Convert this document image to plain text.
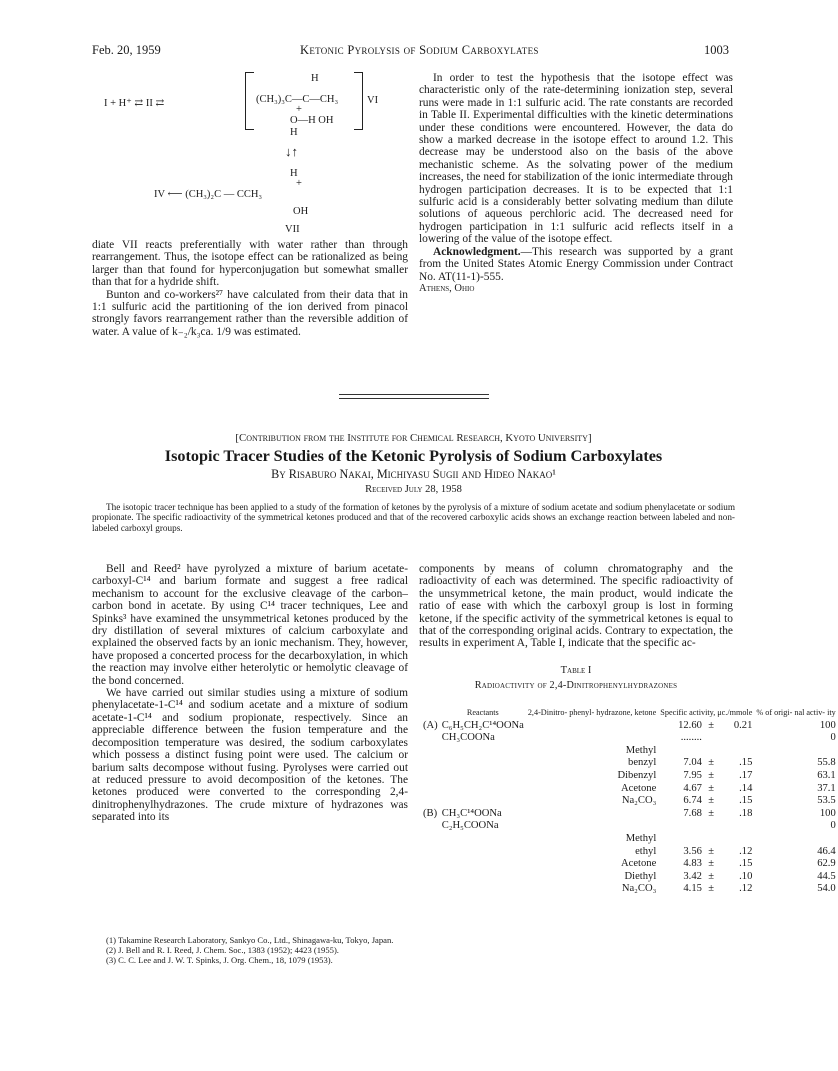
Feb. 20, 1959	Ketonic Pyrolysis of Sodium Carboxylates	1003
I + H⁺ ⇄ II ⇄
H
(CH₃)₃C—C—CH₃
+
O—H OH
H
VI
↓↑
H
+
IV ⟵ (CH₃)₂C — CCH₃
OH
VII

diate VII reacts preferentially with water rather than through rearrangement. Thus, the isotope effect can be rationalized as being larger than that found for hyperconjugation but somewhat smaller than that for a hydride shift.

Bunton and co-workers²⁷ have calculated from their data that in 1:1 sulfuric acid the partitioning of the ion derived from pinacol strongly favors rearrangement rather than the reversible addition of water. A value of k₋₂/k₃ca. 1/9 was estimated.

In order to test the hypothesis that the isotope effect was characteristic only of the rate-determining ionization step, several runs were made in 1:1 sulfuric acid. The rate constants are recorded in Table II. Experimental difficulties with the kinetic determinations under these conditions were encountered. However, the data do show a marked decrease in the isotope effect to around 1.2. This decrease may be understood also on the basis of the above mechanistic scheme. As the solvating power of the medium increases, the need for stabilization of the ionic intermediate through hydrogen participation decreases. It is to be expected that 1:1 sulfuric acid is a considerably better solvating medium than dilute solutions of aqueous perchloric acid. The decreased need for hydrogen participation in 1:1 sulfuric acid reflects itself in a lowering of the value of the isotope effect.

Acknowledgment.—This research was supported by a grant from the United States Atomic Energy Commission under Contract No. AT(11-1)-555.

Athens, Ohio

[Contribution from the Institute for Chemical Research, Kyoto University]
Isotopic Tracer Studies of the Ketonic Pyrolysis of Sodium Carboxylates
By Risaburo Nakai, Michiyasu Sugii and Hideo Nakao¹
Received July 28, 1958
The isotopic tracer technique has been applied to a study of the formation of ketones by the pyrolysis of a mixture of sodium acetate and sodium phenylacetate or sodium propionate. The specific radioactivity of the symmetrical ketones produced and that of the recovered carboxylic acids shows an exchange reaction between labeled and non-labeled carboxyl groups.

Bell and Reed² have pyrolyzed a mixture of barium acetate-carboxyl-C¹⁴ and barium formate and suggest a free radical mechanism to account for the exclusive cleavage of the carbon–carbon bond in acetate. By using C¹⁴ tracer techniques, Lee and Spinks³ have examined the unsymmetrical ketones produced by the dry distillation of several mixtures of calcium carboxylate and explained the observed facts by an ionic mechanism. They, however, have proposed a concerted process for the decarboxylation, in which the reaction may involve either heterolytic or hemolytic cleavage of the bond concerned.

We have carried out similar studies using a mixture of sodium phenylacetate-1-C¹⁴ and sodium acetate and a mixture of sodium acetate-1-C¹⁴ and sodium propionate, respectively. Since an appreciable difference between the fusion temperature and the decomposition temperature was desired, the sodium carboxylates which possess a distinct fusing point were used. The calcium or barium salts decompose without fusing. Pyrolyses were carried out at reduced pressure to avoid decomposition of the ketones. The ketones produced were converted to the corresponding 2,4-dinitrophenylhydrazones. The crude mixture of hydrazones was separated into its

(1) Takamine Research Laboratory, Sankyo Co., Ltd., Shinagawa-ku, Tokyo, Japan.

(2) J. Bell and R. I. Reed, J. Chem. Soc., 1383 (1952); 4423 (1955).

(3) C. C. Lee and J. W. T. Spinks, J. Org. Chem., 18, 1079 (1953).

components by means of column chromatography and the radioactivity of each was determined. The specific radioactivity of the unsymmetrical ketone, the main product, would indicate the ratio of ease with which the carboxyl group is lost in forming ketone, if the specific activity of the symmetrical ketones is equal to that of the corresponding original acids. Contrary to expectation, the results in experiment A, Table I, indicate that the specific ac-

Table I
Radioactivity of 2,4-Dinitrophenylhydrazones
	Reactants	2,4-Dinitro- phenyl- hydrazone, ketone	Specific activity, μc./mmole			% of origi- nal activ- ity
(A)	C₆H₅CH₂C¹⁴OONa		12.60	±	0.21	100
	CH₃COONa		........			0
		Methyl				
		benzyl	7.04	±	.15	55.8
		Dibenzyl	7.95	±	.17	63.1
		Acetone	4.67	±	.14	37.1
		Na₂CO₃	6.74	±	.15	53.5
(B)	CH₃C¹⁴OONa		7.68	±	.18	100
	C₂H₅COONa					0
		Methyl				
		ethyl	3.56	±	.12	46.4
		Acetone	4.83	±	.15	62.9
		Diethyl	3.42	±	.10	44.5
		Na₂CO₃	4.15	±	.12	54.0
